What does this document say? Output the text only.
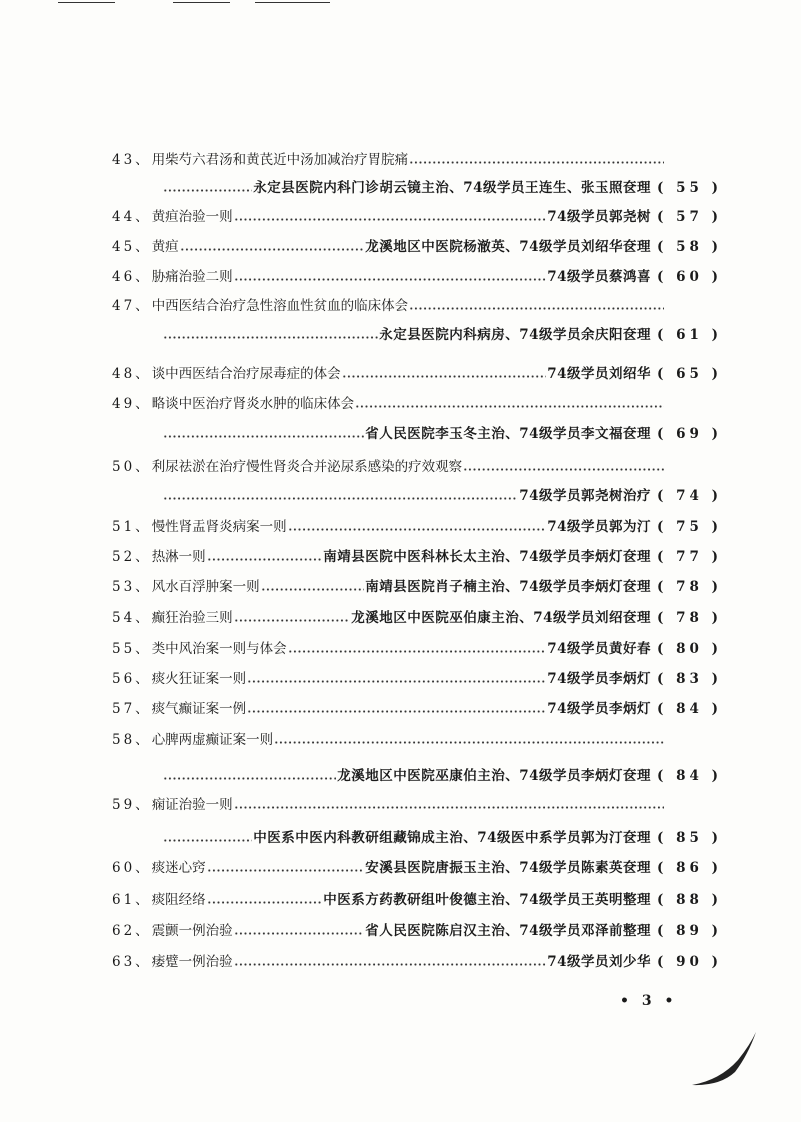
43、 用柴芍六君汤和黄芪近中汤加减治疗胃脘痛
永定县医院内科门诊胡云镜主治、74级学员王连生、张玉照奁理 ( 55 )
44、 黄疸治验一则	74级学员郭尧树 ( 57 )
45、 黄疸	龙溪地区中医院杨澈英、74级学员刘绍华奁理 ( 58 )
46、 胁痛治验二则	74级学员蔡鸿喜 ( 60 )
47、 中西医结合治疗急性溶血性贫血的临床体会
永定县医院内科病房、74级学员余庆阳奁理 ( 61 )
48、 谈中西医结合治疗尿毒症的体会	74级学员刘绍华 ( 65 )
49、 略谈中医治疗肾炎水肿的临床体会
省人民医院李玉冬主治、74级学员李文福奁理 ( 69 )
50、 利尿祛淤在治疗慢性肾炎合并泌尿系感染的疗效观察
74级学员郭尧树治疗 ( 74 )
51、 慢性肾盂肾炎病案一则	74级学员郭为汀 ( 75 )
52、 热淋一则	南靖县医院中医科林长太主治、74级学员李炳灯奁理 ( 77 )
53、 风水百浮肿案一则	南靖县医院肖子楠主治、74级学员李炳灯奁理 ( 78 )
54、 癫狂治验三则	龙溪地区中医院巫伯康主治、74级学员刘绍奁理 ( 78 )
55、 类中风治案一则与体会	74级学员黄好春 ( 80 )
56、 痰火狂证案一则	74级学员李炳灯 ( 83 )
57、 痰气癫证案一例	74级学员李炳灯 ( 84 )
58、 心脾两虚癫证案一则
龙溪地区中医院巫康伯主治、74级学员李炳灯奁理 ( 84 )
59、 痫证治验一则
中医系中医内科教研组藏锦成主治、74级医中系学员郭为汀奁理 ( 85 )
60、 痰迷心窍	安溪县医院唐振玉主治、74级学员陈素英奁理 ( 86 )
61、 痰阻经络	中医系方药教研组叶俊德主治、74级学员王英明整理 ( 88 )
62、 震颤一例治验	省人民医院陈启汉主治、74级学员邓泽前整理 ( 89 )
63、 痿躄一例治验	74级学员刘少华 ( 90 )
• 3 •
